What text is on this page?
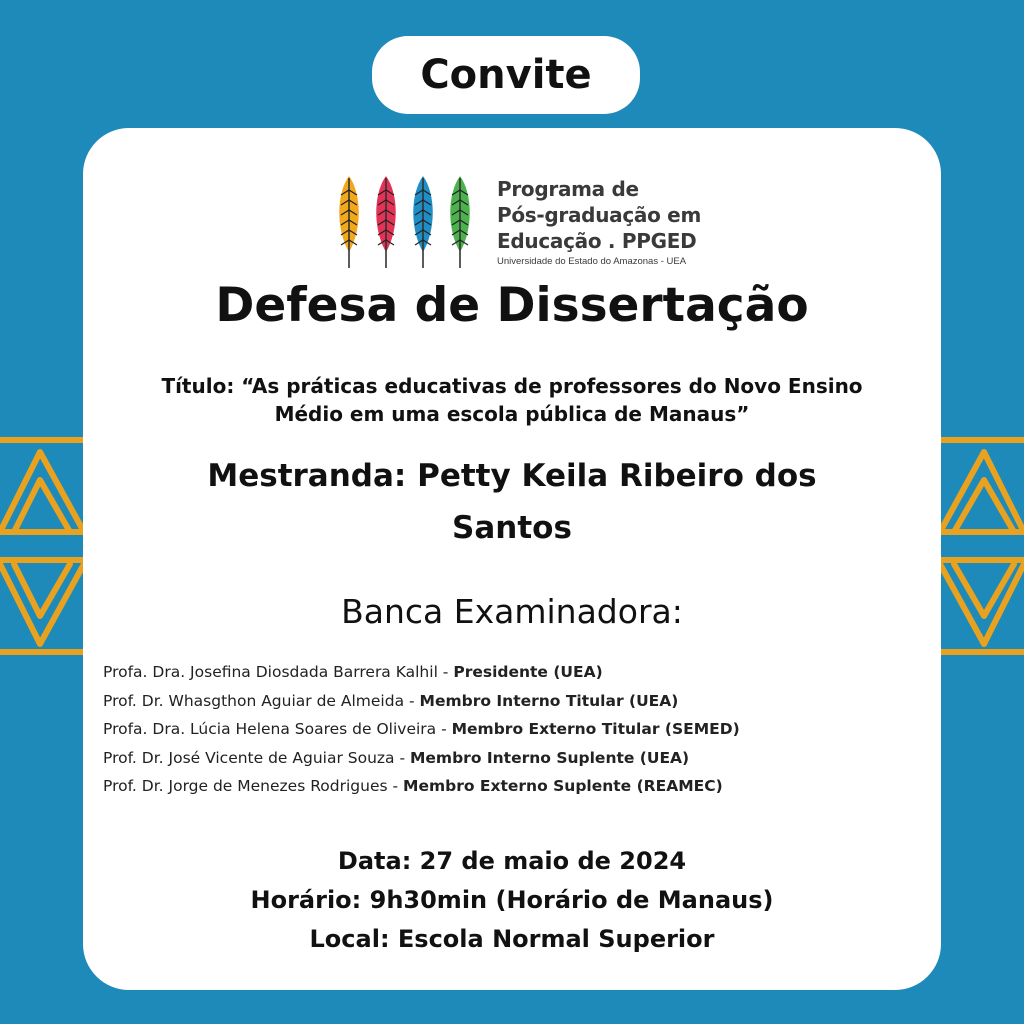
Convite
Programa de
Pós-graduação em
Educação . PPGED
Universidade do Estado do Amazonas - UEA
Defesa de Dissertação
Título: “As práticas educativas de professores do Novo Ensino
Médio em uma escola pública de Manaus”
Mestranda: Petty Keila Ribeiro dos
Santos
Banca Examinadora:
Profa. Dra. Josefina Diosdada Barrera Kalhil - Presidente (UEA)
Prof. Dr. Whasgthon Aguiar de Almeida - Membro Interno Titular (UEA)
Profa. Dra. Lúcia Helena Soares de Oliveira - Membro Externo Titular (SEMED)
Prof. Dr. José Vicente de Aguiar Souza - Membro Interno Suplente (UEA)
Prof. Dr. Jorge de Menezes Rodrigues - Membro Externo Suplente (REAMEC)
Data: 27 de maio de 2024
Horário: 9h30min (Horário de Manaus)
Local: Escola Normal Superior
